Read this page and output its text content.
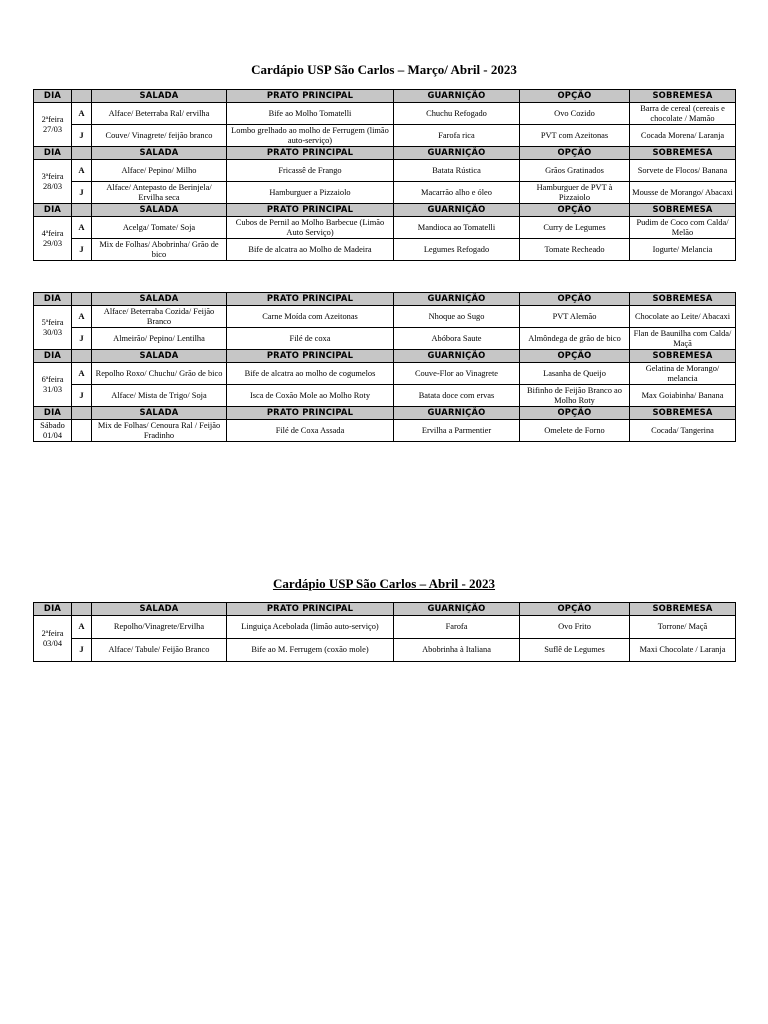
Cardápio USP São Carlos – Março/ Abril - 2023
DIA		SALADA	PRATO PRINCIPAL	GUARNIÇÃO	OPÇÃO	SOBREMESA
2ªfeira
27/03	A	Alface/ Beterraba Ral/ ervilha	Bife ao Molho Tomatelli	Chuchu Refogado	Ovo Cozido	Barra de cereal (cereais e chocolate / Mamão
	J	Couve/ Vinagrete/ feijão branco	Lombo grelhado ao molho de Ferrugem (limão auto-serviço)	Farofa rica	PVT com Azeitonas	Cocada Morena/ Laranja
DIA		SALADA	PRATO PRINCIPAL	GUARNIÇÃO	OPÇÃO	SOBREMESA
3ªfeira
28/03	A	Alface/ Pepino/ Milho	Fricassê de Frango	Batata Rústica	Grãos Gratinados	Sorvete de Flocos/ Banana
	J	Alface/ Antepasto de Berinjela/ Ervilha seca	Hamburguer a Pizzaiolo	Macarrão alho e óleo	Hamburguer de PVT à Pizzaiolo	Mousse de Morango/ Abacaxi
DIA		SALADA	PRATO PRINCIPAL	GUARNIÇÃO	OPÇÃO	SOBREMESA
4ªfeira
29/03	A	Acelga/ Tomate/ Soja	Cubos de Pernil ao Molho Barbecue (Limão Auto Serviço)	Mandioca ao Tomatelli	Curry de Legumes	Pudim de Coco com Calda/ Melão
	J	Mix de Folhas/ Abobrinha/ Grão de bico	Bife de alcatra ao Molho de Madeira	Legumes Refogado	Tomate Recheado	Iogurte/ Melancia
DIA		SALADA	PRATO PRINCIPAL	GUARNIÇÃO	OPÇÃO	SOBREMESA
5ªfeira
30/03	A	Alface/ Beterraba Cozida/ Feijão Branco	Carne Moída com Azeitonas	Nhoque ao Sugo	PVT Alemão	Chocolate ao Leite/ Abacaxi
	J	Almeirão/ Pepino/ Lentilha	Filé de coxa	Abóbora Saute	Almôndega de grão de bico	Flan de Baunilha com Calda/ Maçã
DIA		SALADA	PRATO PRINCIPAL	GUARNIÇÃO	OPÇÃO	SOBREMESA
6ªfeira
31/03	A	Repolho Roxo/ Chuchu/ Grão de bico	Bife de alcatra ao molho de cogumelos	Couve-Flor ao Vinagrete	Lasanha de Queijo	Gelatina de Morango/ melancia
	J	Alface/ Mista de Trigo/ Soja	Isca de Coxão Mole ao Molho Roty	Batata doce com ervas	Bifinho de Feijão Branco ao Molho Roty	Max Goiabinha/ Banana
DIA		SALADA	PRATO PRINCIPAL	GUARNIÇÃO	OPÇÃO	SOBREMESA
Sábado
01/04		Mix de Folhas/ Cenoura Ral / Feijão Fradinho	Filé de Coxa Assada	Ervilha a Parmentier	Omelete de Forno	Cocada/ Tangerina
Cardápio USP São Carlos – Abril - 2023
DIA		SALADA	PRATO PRINCIPAL	GUARNIÇÃO	OPÇÃO	SOBREMESA
2ªfeira
03/04	A	Repolho/Vinagrete/Ervilha	Linguiça Acebolada (limão auto-serviço)	Farofa	Ovo Frito	Torrone/ Maçã
	J	Alface/ Tabule/ Feijão Branco	Bife ao M. Ferrugem (coxão mole)	Abobrinha à Italiana	Suflê de Legumes	Maxi Chocolate / Laranja
